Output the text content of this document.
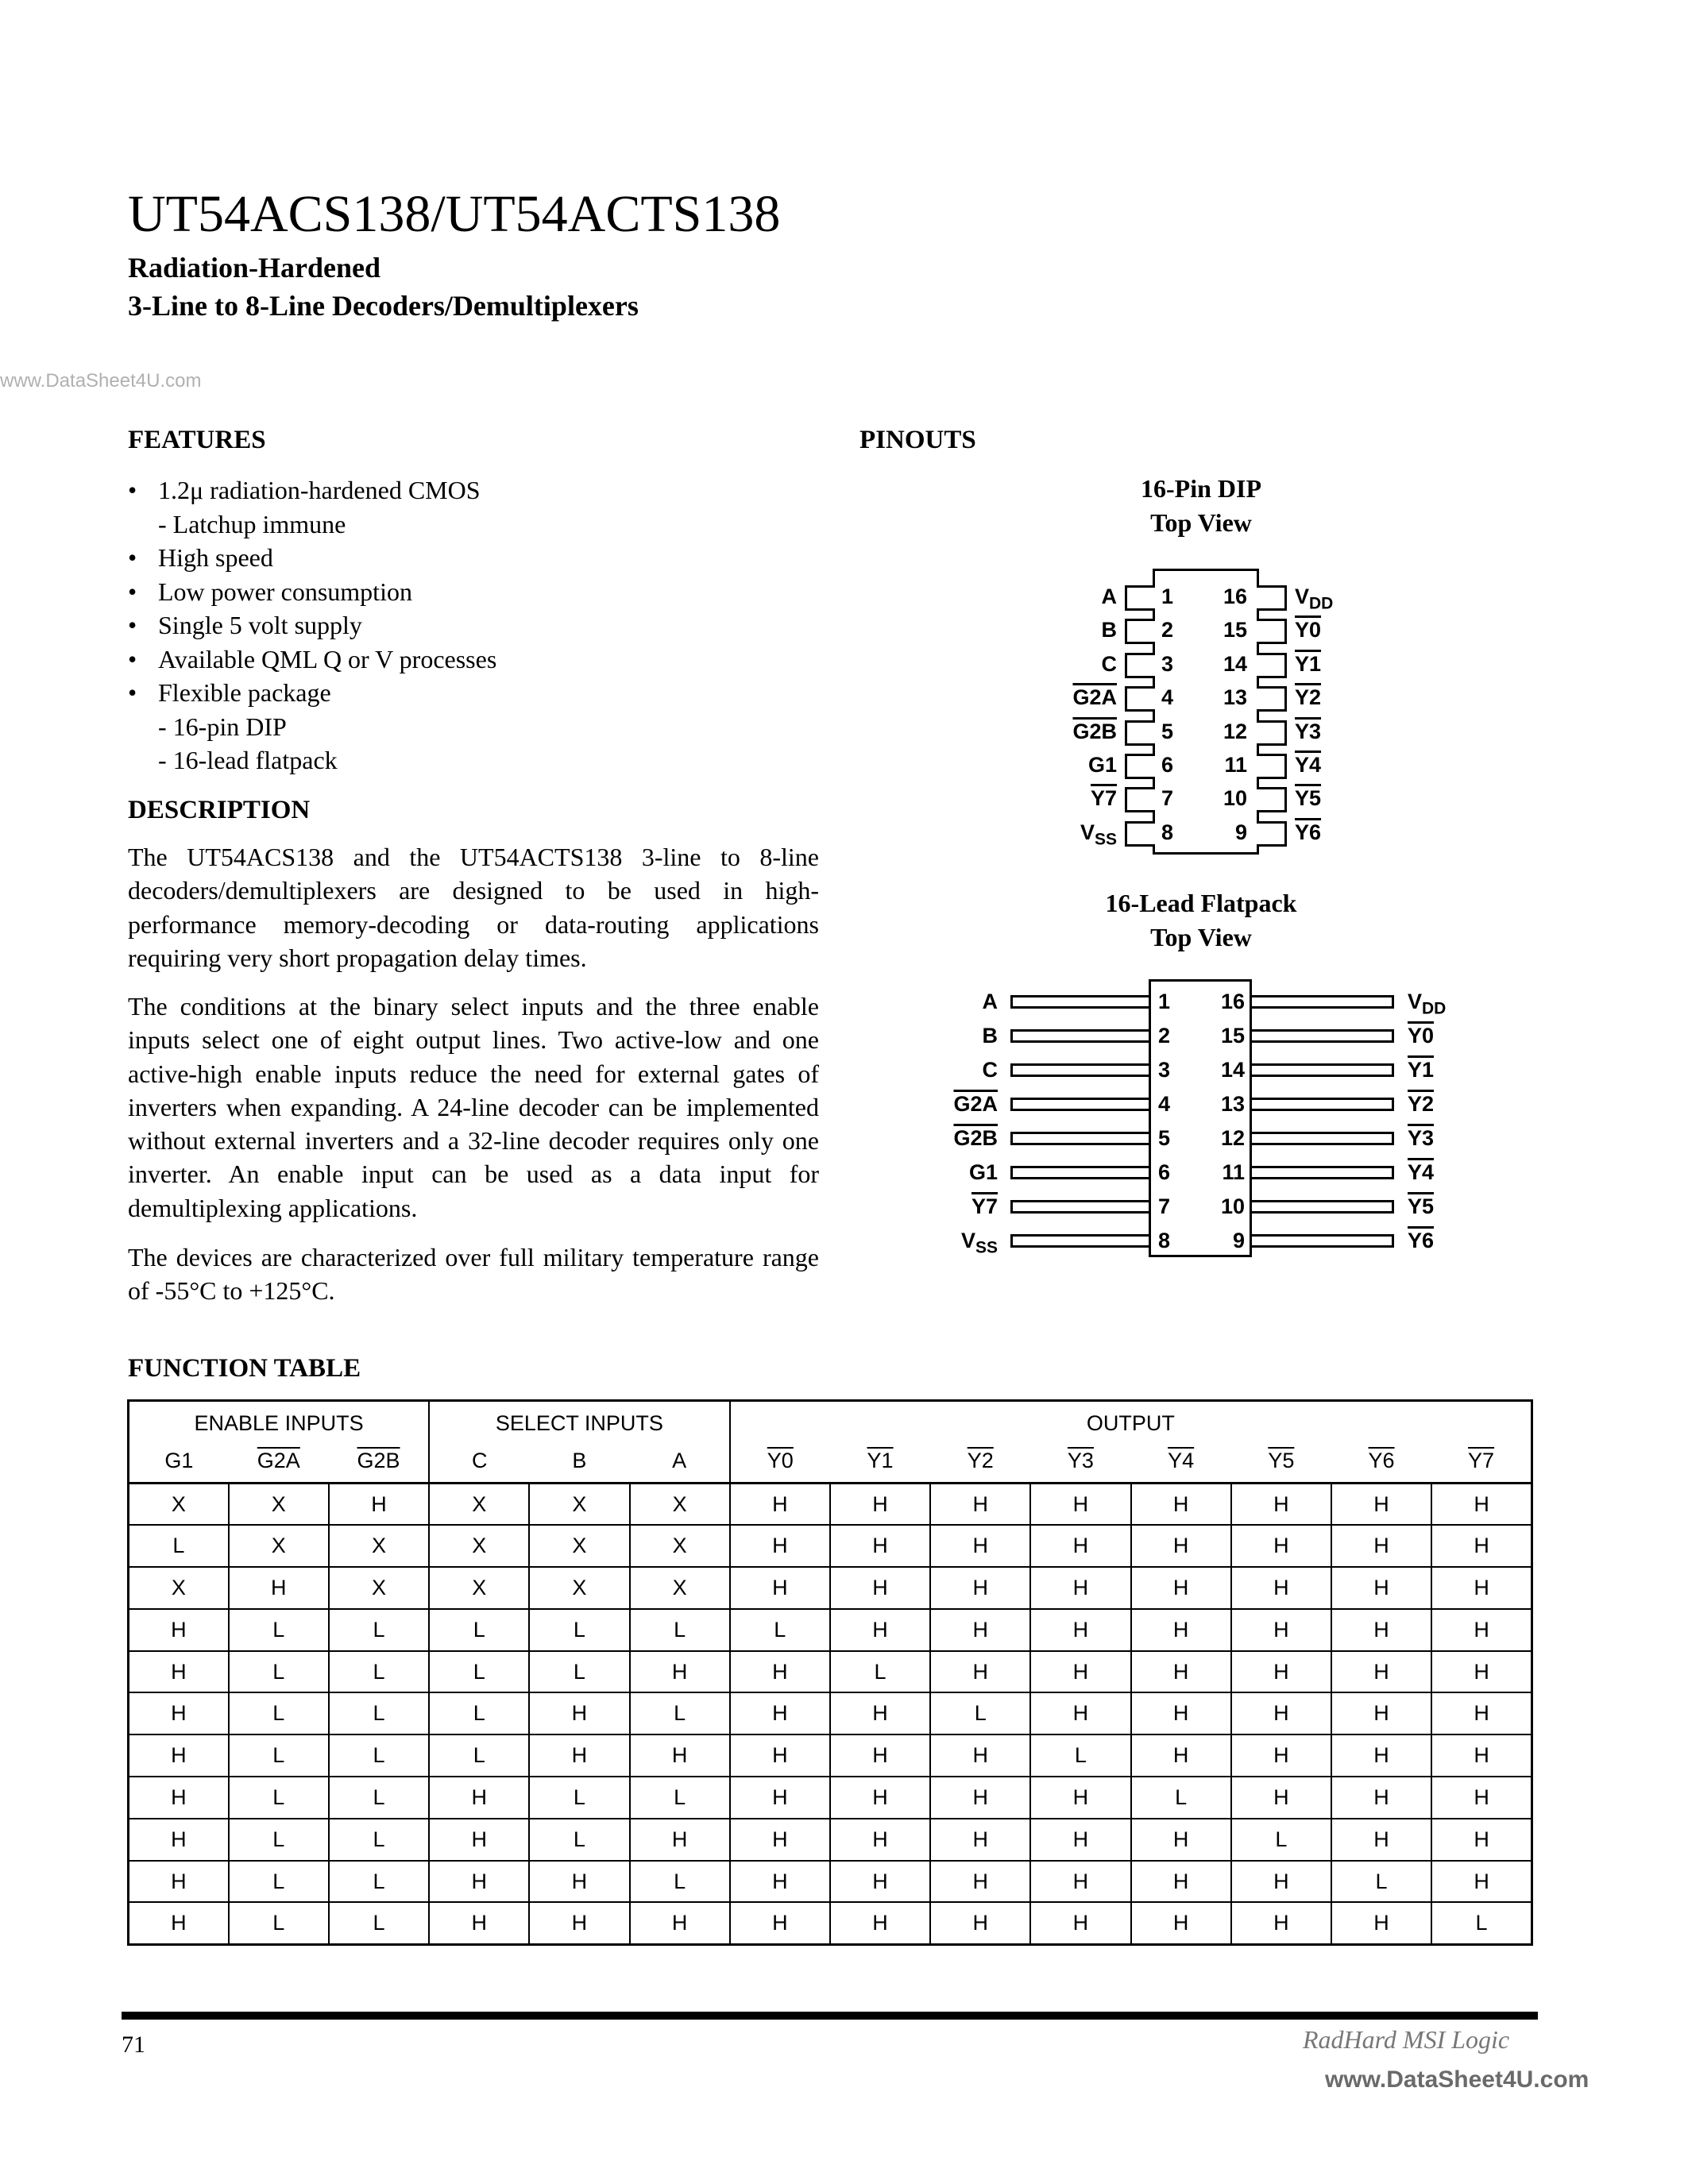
UT54ACS138/UT54ACTS138
Radiation-Hardened
3-Line to 8-Line Decoders/Demultiplexers
FEATURES
• 1.2μ radiation-hardened CMOS
- Latchup immune
• High speed
• Low power consumption
• Single 5 volt supply
• Available QML Q or V processes
• Flexible package
- 16-pin DIP
- 16-lead flatpack
DESCRIPTION
The UT54ACS138 and the UT54ACTS138 3-line to 8-line decoders/demultiplexers are designed to be used in high-performance memory-decoding or data-routing applications requiring very short propagation delay times.
The conditions at the binary select inputs and the three enable inputs select one of eight output lines. Two active-low and one active-high enable inputs reduce the need for external gates of inverters when expanding. A 24-line decoder can be implemented without external inverters and a 32-line decoder requires only one inverter. An enable input can be used as a data input for demultiplexing applications.
The devices are characterized over full military temperature range of -55°C to +125°C.
PINOUTS
16-Pin DIP
Top View
16-Lead Flatpack
Top View
FUNCTION TABLE
ENABLE INPUTS			SELECT INPUTS			OUTPUT							
G1	G2A	G2B	C	B	A	Y0	Y1	Y2	Y3	Y4	Y5	Y6	Y7
X	X	H	X	X	X	H	H	H	H	H	H	H	H
L	X	X	X	X	X	H	H	H	H	H	H	H	H
X	H	X	X	X	X	H	H	H	H	H	H	H	H
H	L	L	L	L	L	L	H	H	H	H	H	H	H
H	L	L	L	L	H	H	L	H	H	H	H	H	H
H	L	L	L	H	L	H	H	L	H	H	H	H	H
H	L	L	L	H	H	H	H	H	L	H	H	H	H
H	L	L	H	L	L	H	H	H	H	L	H	H	H
H	L	L	H	L	H	H	H	H	H	H	L	H	H
H	L	L	H	H	L	H	H	H	H	H	H	L	H
H	L	L	H	H	H	H	H	H	H	H	H	H	L
71	RadHard MSI Logic
www.DataSheet4U.com
www.DataSheet4U.com
1 16
A	$V_{DD}$
2 15
B	Y0
3 14
C	Y1
4 13
G2A	Y2
5 12
G2B	Y3
6 11
G1	Y4
7 10
Y7	Y5
8	9
$V_{SS}$	Y6
1 16
A	$V_{DD}$
2 15
B	Y0
3 14
C	Y1
4 13
G2A	Y2
5 12
G2B	Y3
6 11
G1	Y4
7 10
Y7	Y5
8	9
$V_{SS}$	Y6
